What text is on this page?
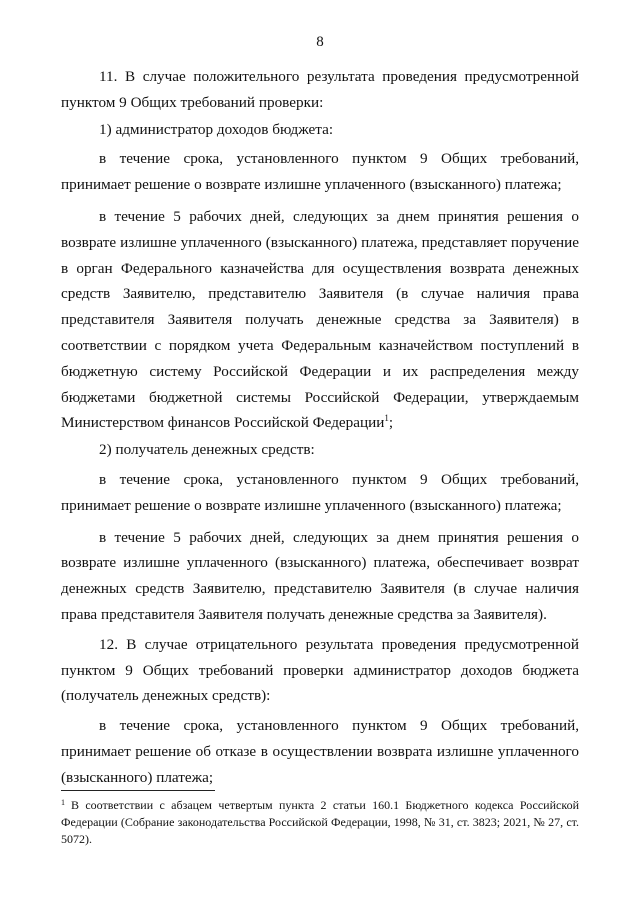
8

11. В случае положительного результата проведения предусмотренной пунктом 9 Общих требований проверки:

1) администратор доходов бюджета:

в течение срока, установленного пунктом 9 Общих требований, принимает решение о возврате излишне уплаченного (взысканного) платежа;

в течение 5 рабочих дней, следующих за днем принятия решения о возврате излишне уплаченного (взысканного) платежа, представляет поручение в орган Федерального казначейства для осуществления возврата денежных средств Заявителю, представителю Заявителя (в случае наличия права представителя Заявителя получать денежные средства за Заявителя) в соответствии с порядком учета Федеральным казначейством поступлений в бюджетную систему Российской Федерации и их распределения между бюджетами бюджетной системы Российской Федерации, утверждаемым Министерством финансов Российской Федерации$^1$;

2) получатель денежных средств:

в течение срока, установленного пунктом 9 Общих требований, принимает решение о возврате излишне уплаченного (взысканного) платежа;

в течение 5 рабочих дней, следующих за днем принятия решения о возврате излишне уплаченного (взысканного) платежа, обеспечивает возврат денежных средств Заявителю, представителю Заявителя (в случае наличия права представителя Заявителя получать денежные средства за Заявителя).

12. В случае отрицательного результата проведения предусмотренной пунктом 9 Общих требований проверки администратор доходов бюджета (получатель денежных средств):

в течение срока, установленного пунктом 9 Общих требований, принимает решение об отказе в осуществлении возврата излишне уплаченного (взысканного) платежа;

$^1$ В соответствии с абзацем четвертым пункта 2 статьи 160.1 Бюджетного кодекса Российской Федерации (Собрание законодательства Российской Федерации, 1998, № 31, ст. 3823; 2021, № 27, ст. 5072).
